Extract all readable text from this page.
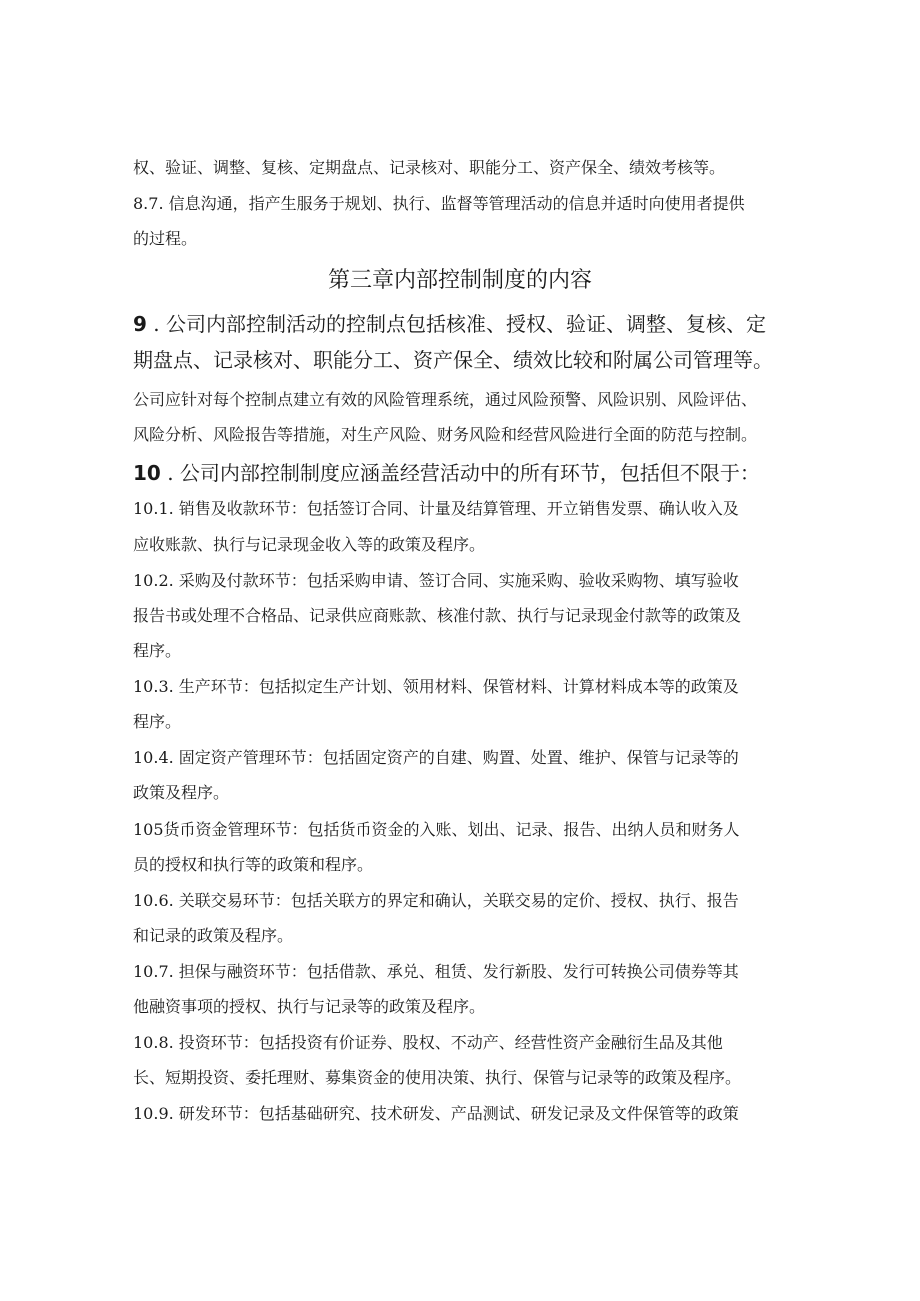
权、验证、调整、复核、定期盘点、记录核对、职能分工、资产保全、绩效考核等。
8.7. 信息沟通，指产生服务于规划、执行、监督等管理活动的信息并适时向使用者提供
的过程。
第三章内部控制制度的内容
9 . 公司内部控制活动的控制点包括核准、授权、验证、调整、复核、定
期盘点、记录核对、职能分工、资产保全、绩效比较和附属公司管理等。
公司应针对每个控制点建立有效的风险管理系统，通过风险预警、风险识别、风险评估、
风险分析、风险报告等措施，对生产风险、财务风险和经营风险进行全面的防范与控制。
10 . 公司内部控制制度应涵盖经营活动中的所有环节，包括但不限于：
10.1. 销售及收款环节：包括签订合同、计量及结算管理、开立销售发票、确认收入及
应收账款、执行与记录现金收入等的政策及程序。
10.2. 采购及付款环节：包括采购申请、签订合同、实施采购、验收采购物、填写验收
报告书或处理不合格品、记录供应商账款、核准付款、执行与记录现金付款等的政策及
程序。
10.3. 生产环节：包括拟定生产计划、领用材料、保管材料、计算材料成本等的政策及
程序。
10.4. 固定资产管理环节：包括固定资产的自建、购置、处置、维护、保管与记录等的
政策及程序。
105货币资金管理环节：包括货币资金的入账、划出、记录、报告、出纳人员和财务人
员的授权和执行等的政策和程序。
10.6. 关联交易环节：包括关联方的界定和确认，关联交易的定价、授权、执行、报告
和记录的政策及程序。
10.7. 担保与融资环节：包括借款、承兑、租赁、发行新股、发行可转换公司债券等其
他融资事项的授权、执行与记录等的政策及程序。
10.8. 投资环节：包括投资有价证券、股权、不动产、经营性资产金融衍生品及其他
长、短期投资、委托理财、募集资金的使用决策、执行、保管与记录等的政策及程序。
10.9. 研发环节：包括基础研究、技术研发、产品测试、研发记录及文件保管等的政策
